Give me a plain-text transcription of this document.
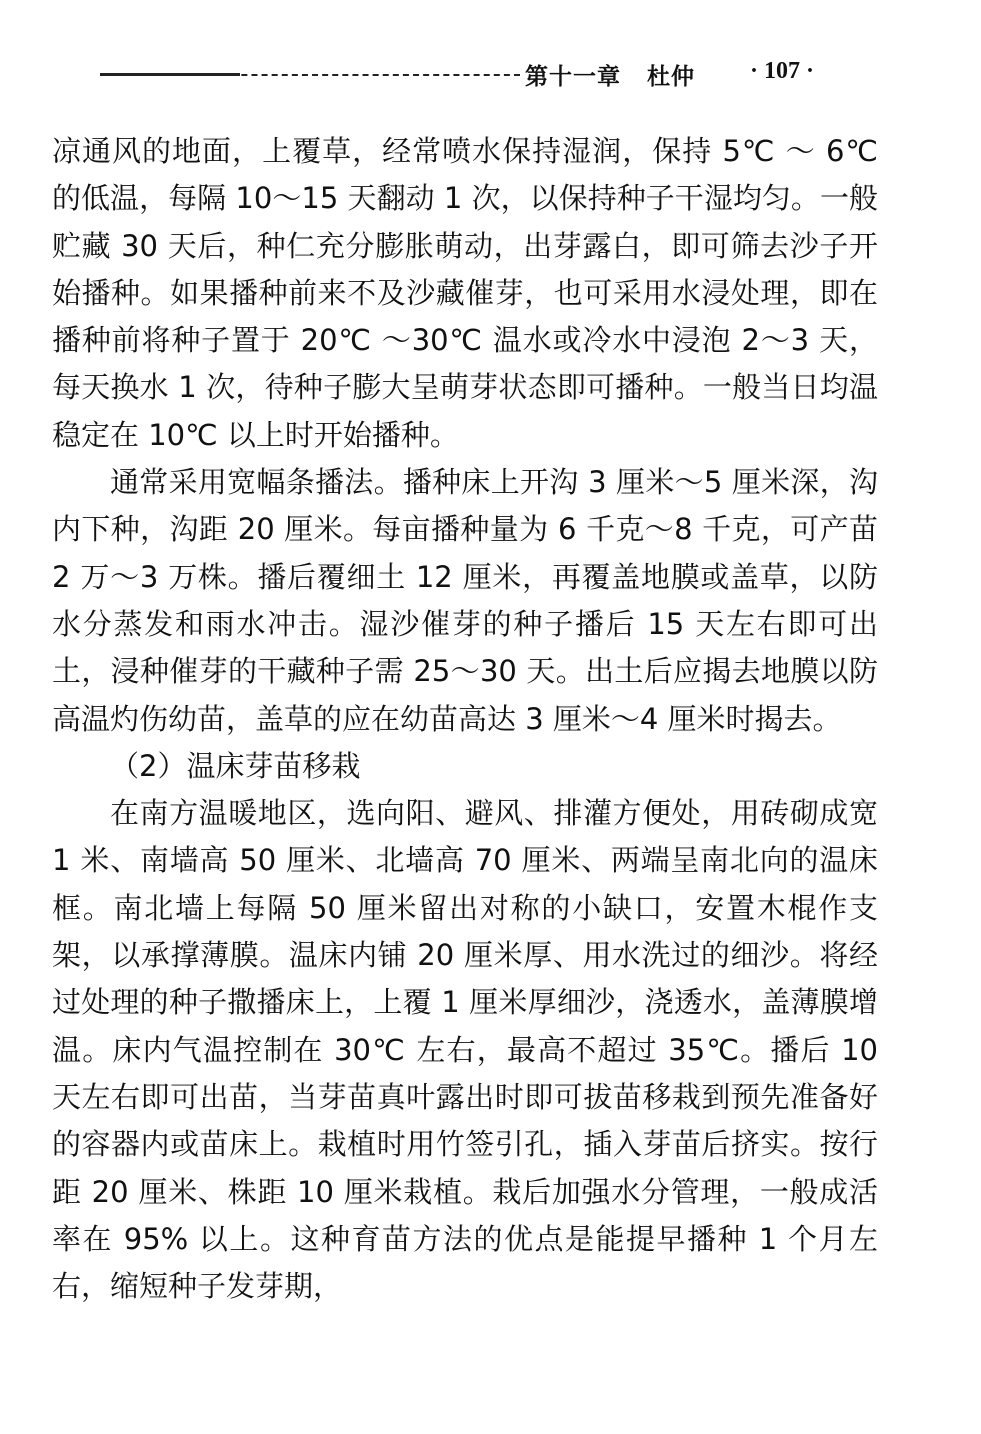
第十一章 杜仲 · 107 ·

凉通风的地面，上覆草，经常喷水保持湿润，保持 5℃ ～ 6℃ 的低温，每隔 10～15 天翻动 1 次，以保持种子干湿均匀。一般贮藏 30 天后，种仁充分膨胀萌动，出芽露白，即可筛去沙子开始播种。如果播种前来不及沙藏催芽，也可采用水浸处理，即在播种前将种子置于 20℃ ～30℃ 温水或冷水中浸泡 2～3 天，每天换水 1 次，待种子膨大呈萌芽状态即可播种。一般当日均温稳定在 10℃ 以上时开始播种。

通常采用宽幅条播法。播种床上开沟 3 厘米～5 厘米深，沟内下种，沟距 20 厘米。每亩播种量为 6 千克～8 千克，可产苗 2 万～3 万株。播后覆细土 12 厘米，再覆盖地膜或盖草，以防水分蒸发和雨水冲击。湿沙催芽的种子播后 15 天左右即可出土，浸种催芽的干藏种子需 25～30 天。出土后应揭去地膜以防高温灼伤幼苗，盖草的应在幼苗高达 3 厘米～4 厘米时揭去。

（2）温床芽苗移栽

在南方温暖地区，选向阳、避风、排灌方便处，用砖砌成宽 1 米、南墙高 50 厘米、北墙高 70 厘米、两端呈南北向的温床框。南北墙上每隔 50 厘米留出对称的小缺口，安置木棍作支架，以承撑薄膜。温床内铺 20 厘米厚、用水洗过的细沙。将经过处理的种子撒播床上，上覆 1 厘米厚细沙，浇透水，盖薄膜增温。床内气温控制在 30℃ 左右，最高不超过 35℃。播后 10 天左右即可出苗，当芽苗真叶露出时即可拔苗移栽到预先准备好的容器内或苗床上。栽植时用竹签引孔，插入芽苗后挤实。按行距 20 厘米、株距 10 厘米栽植。栽后加强水分管理，一般成活率在 95% 以上。这种育苗方法的优点是能提早播种 1 个月左右，缩短种子发芽期，
